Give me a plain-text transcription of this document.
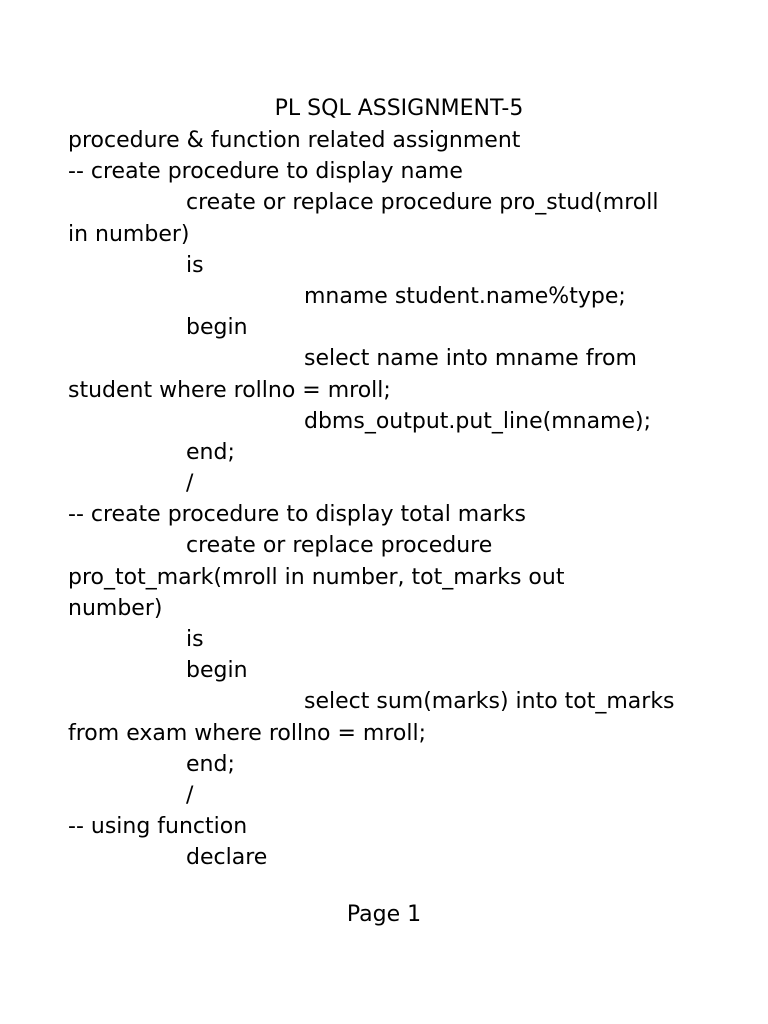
PL SQL ASSIGNMENT-5
procedure & function related assignment
-- create procedure to display name
create or replace procedure pro_stud(mroll
in number)
is
mname student.name%type;
begin
select name into mname from
student where rollno = mroll;
dbms_output.put_line(mname);
end;
/
-- create procedure to display total marks
create or replace procedure
pro_tot_mark(mroll in number, tot_marks out
number)
is
begin
select sum(marks) into tot_marks
from exam where rollno = mroll;
end;
/
-- using function
declare
Page 1
